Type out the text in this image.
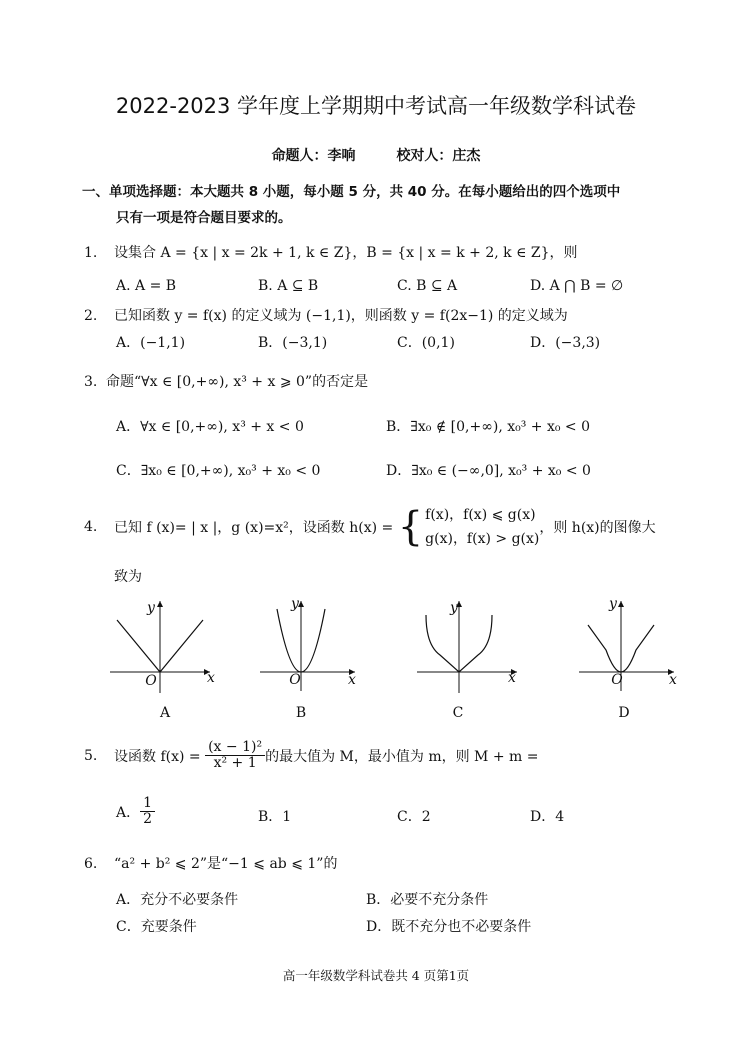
2022-2023 学年度上学期期中考试高一年级数学科试卷
命题人：李响	校对人：庄杰
一、单项选择题：本大题共 8 小题，每小题 5 分，共 40 分。在每小题给出的四个选项中
只有一项是符合题目要求的。
1. 设集合 A = {x | x = 2k + 1, k ∈ Z}，B = {x | x = k + 2, k ∈ Z}，则
A. A = B	B. A ⊆ B	C. B ⊆ A	D. A ⋂ B = ∅
2. 已知函数 y = f(x) 的定义域为 (−1,1)，则函数 y = f(2x−1) 的定义域为
A．(−1,1)	B．(−3,1)	C．(0,1)	D．(−3,3)
3. 命题“∀x ∈ [0,+∞), x³ + x ⩾ 0”的否定是
A．∀x ∈ [0,+∞), x³ + x < 0	B．∃x₀ ∉ [0,+∞), x₀³ + x₀ < 0
C．∃x₀ ∈ [0,+∞), x₀³ + x₀ < 0	D．∃x₀ ∈ (−∞,0], x₀³ + x₀ < 0
4. 已知 f (x)= | x |，g (x)=x²，设函数 h(x) = { f(x)，f(x) ⩽ g(x)
g(x)，f(x) > g(x)
，则 h(x)的图像大
致为
y
x
O
y
x
O
y
x
y
x
O
A	B	C	D
5. 设函数 $f(x) = \frac{\text{(x − 1)²}}{\text{x² + 1}}$ 的最大值为 M，最小值为 m，则 M + m =
A． $\frac{1}{2}$	B．1	C．2	D．4
6. “a² + b² ⩽ 2”是“−1 ⩽ ab ⩽ 1”的
A．充分不必要条件	B．必要不充分条件
C．充要条件	D．既不充分也不必要条件
高一年级数学科试卷共 4 页第1页
